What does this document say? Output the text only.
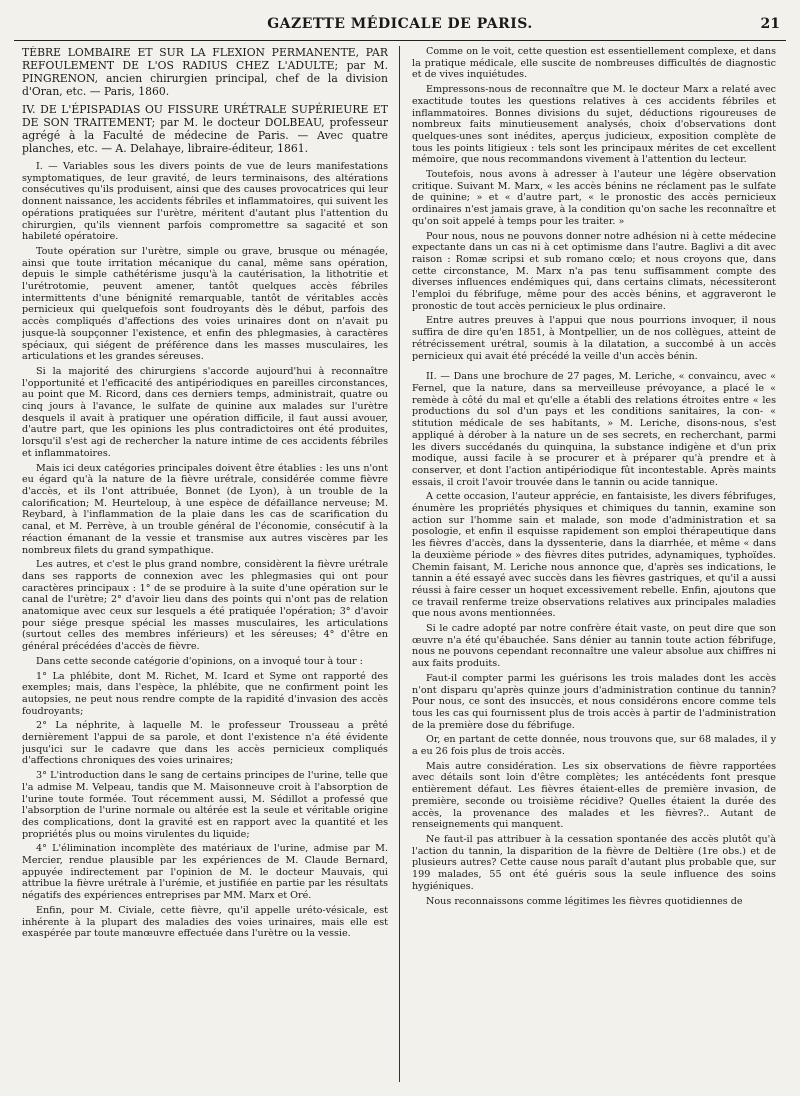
GAZETTE MÉDICALE DE PARIS.	21

TÈBRE LOMBAIRE ET SUR LA FLEXION PERMANENTE, PAR REFOULEMENT DE L'OS RADIUS CHEZ L'ADULTE; par M. PINGRENON, ancien chirurgien principal, chef de la division d'Oran, etc. — Paris, 1860.

IV. DE L'ÉPISPADIAS OU FISSURE URÉTRALE SUPÉRIEURE ET DE SON TRAITEMENT; par M. le docteur DOLBEAU, professeur agrégé à la Faculté de médecine de Paris. — Avec quatre planches, etc. — A. Delahaye, libraire-éditeur, 1861.

I. — Variables sous les divers points de vue de leurs manifestations symptomatiques, de leur gravité, de leurs terminaisons, des altérations consécutives qu'ils produisent, ainsi que des causes provocatrices qui leur donnent naissance, les accidents fébriles et inflammatoires, qui suivent les opérations pratiquées sur l'urètre, méritent d'autant plus l'attention du chirurgien, qu'ils viennent parfois compromettre sa sagacité et son habileté opératoire.

Toute opération sur l'urètre, simple ou grave, brusque ou ménagée, ainsi que toute irritation mécanique du canal, même sans opération, depuis le simple cathétérisme jusqu'à la cautérisation, la lithotritie et l'urétrotomie, peuvent amener, tantôt quelques accès fébriles intermittents d'une bénignité remarquable, tantôt de véritables accès pernicieux qui quelquefois sont foudroyants dès le début, parfois des accès compliqués d'affections des voies urinaires dont on n'avait pu jusque-là soupçonner l'existence, et enfin des phlegmasies, à caractères spéciaux, qui siégent de préférence dans les masses musculaires, les articulations et les grandes séreuses.

Si la majorité des chirurgiens s'accorde aujourd'hui à reconnaître l'opportunité et l'efficacité des antipériodiques en pareilles circonstances, au point que M. Ricord, dans ces derniers temps, administrait, quatre ou cinq jours à l'avance, le sulfate de quinine aux malades sur l'urètre desquels il avait à pratiquer une opération difficile, il faut aussi avouer, d'autre part, que les opinions les plus contradictoires ont été produites, lorsqu'il s'est agi de rechercher la nature intime de ces accidents fébriles et inflammatoires.

Mais ici deux catégories principales doivent être établies : les uns n'ont eu égard qu'à la nature de la fièvre urétrale, considérée comme fièvre d'accès, et ils l'ont attribuée, Bonnet (de Lyon), à un trouble de la calorification; M. Heurteloup, à une espèce de défaillance nerveuse; M. Reybard, à l'inflammation de la plaie dans les cas de scarification du canal, et M. Perrève, à un trouble général de l'économie, consécutif à la réaction émanant de la vessie et transmise aux autres viscères par les nombreux filets du grand sympathique.

Les autres, et c'est le plus grand nombre, considèrent la fièvre urétrale dans ses rapports de connexion avec les phlegmasies qui ont pour caractères principaux : 1° de se produire à la suite d'une opération sur le canal de l'urètre; 2° d'avoir lieu dans des points qui n'ont pas de relation anatomique avec ceux sur lesquels a été pratiquée l'opération; 3° d'avoir pour siége presque spécial les masses musculaires, les articulations (surtout celles des membres inférieurs) et les séreuses; 4° d'être en général précédées d'accès de fièvre.

Dans cette seconde catégorie d'opinions, on a invoqué tour à tour :

1° La phlébite, dont M. Richet, M. Icard et Syme ont rapporté des exemples; mais, dans l'espèce, la phlébite, que ne confirment point les autopsies, ne peut nous rendre compte de la rapidité d'invasion des accès foudroyants;

2° La néphrite, à laquelle M. le professeur Trousseau a prêté dernièrement l'appui de sa parole, et dont l'existence n'a été évidente jusqu'ici sur le cadavre que dans les accès pernicieux compliqués d'affections chroniques des voies urinaires;

3° L'introduction dans le sang de certains principes de l'urine, telle que l'a admise M. Velpeau, tandis que M. Maisonneuve croit à l'absorption de l'urine toute formée. Tout récemment aussi, M. Sédillot a professé que l'absorption de l'urine normale ou altérée est la seule et véritable origine des complications, dont la gravité est en rapport avec la quantité et les propriétés plus ou moins virulentes du liquide;

4° L'élimination incomplète des matériaux de l'urine, admise par M. Mercier, rendue plausible par les expériences de M. Claude Bernard, appuyée indirectement par l'opinion de M. le docteur Mauvais, qui attribue la fièvre urétrale à l'urémie, et justifiée en partie par les résultats négatifs des expériences entreprises par MM. Marx et Oré.

Enfin, pour M. Civiale, cette fièvre, qu'il appelle uréto-vésicale, est inhérente à la plupart des maladies des voies urinaires, mais elle est exaspérée par toute manœuvre effectuée dans l'urètre ou la vessie.

Comme on le voit, cette question est essentiellement complexe, et dans la pratique médicale, elle suscite de nombreuses difficultés de diagnostic et de vives inquiétudes.

Empressons-nous de reconnaître que M. le docteur Marx a relaté avec exactitude toutes les questions relatives à ces accidents fébriles et inflammatoires. Bonnes divisions du sujet, déductions rigoureuses de nombreux faits minutieusement analysés, choix d'observations dont quelques-unes sont inédites, aperçus judicieux, exposition complète de tous les points litigieux : tels sont les principaux mérites de cet excellent mémoire, que nous recommandons vivement à l'attention du lecteur.

Toutefois, nous avons à adresser à l'auteur une légère observation critique. Suivant M. Marx, « les accès bénins ne réclament pas le sulfate de quinine; » et « d'autre part, « le pronostic des accès pernicieux ordinaires n'est jamais grave, à la condition qu'on sache les reconnaître et qu'on soit appelé à temps pour les traiter. »

Pour nous, nous ne pouvons donner notre adhésion ni à cette médecine expectante dans un cas ni à cet optimisme dans l'autre. Baglivi a dit avec raison : Romæ scripsi et sub romano cœlo; et nous croyons que, dans cette circonstance, M. Marx n'a pas tenu suffisamment compte des diverses influences endémiques qui, dans certains climats, nécessiteront l'emploi du fébrifuge, même pour des accès bénins, et aggraveront le pronostic de tout accès pernicieux le plus ordinaire.

Entre autres preuves à l'appui que nous pourrions invoquer, il nous suffira de dire qu'en 1851, à Montpellier, un de nos collègues, atteint de rétrécissement urétral, soumis à la dilatation, a succombé à un accès pernicieux qui avait été précédé la veille d'un accès bénin.

II. — Dans une brochure de 27 pages, M. Leriche, « convaincu, avec « Fernel, que la nature, dans sa merveilleuse prévoyance, a placé le « remède à côté du mal et qu'elle a établi des relations étroites entre « les productions du sol d'un pays et les conditions sanitaires, la con- « stitution médicale de ses habitants, » M. Leriche, disons-nous, s'est appliqué à dérober à la nature un de ses secrets, en recherchant, parmi les divers succédanés du quinquina, la substance indigène et d'un prix modique, aussi facile à se procurer et à préparer qu'à prendre et à conserver, et dont l'action antipériodique fût incontestable. Après maints essais, il croit l'avoir trouvée dans le tannin ou acide tannique.

A cette occasion, l'auteur apprécie, en fantaisiste, les divers fébrifuges, énumère les propriétés physiques et chimiques du tannin, examine son action sur l'homme sain et malade, son mode d'administration et sa posologie, et enfin il esquisse rapidement son emploi thérapeutique dans les fièvres d'accès, dans la dyssenterie, dans la diarrhée, et même « dans la deuxième période » des fièvres dites putrides, adynamiques, typhoïdes. Chemin faisant, M. Leriche nous annonce que, d'après ses indications, le tannin a été essayé avec succès dans les fièvres gastriques, et qu'il a aussi réussi à faire cesser un hoquet excessivement rebelle. Enfin, ajoutons que ce travail renferme treize observations relatives aux principales maladies que nous avons mentionnées.

Si le cadre adopté par notre confrère était vaste, on peut dire que son œuvre n'a été qu'ébauchée. Sans dénier au tannin toute action fébrifuge, nous ne pouvons cependant reconnaître une valeur absolue aux chiffres ni aux faits produits.

Faut-il compter parmi les guérisons les trois malades dont les accès n'ont disparu qu'après quinze jours d'administration continue du tannin? Pour nous, ce sont des insuccès, et nous considérons encore comme tels tous les cas qui fournissent plus de trois accès à partir de l'administration de la première dose du fébrifuge.

Or, en partant de cette donnée, nous trouvons que, sur 68 malades, il y a eu 26 fois plus de trois accès.

Mais autre considération. Les six observations de fièvre rapportées avec détails sont loin d'être complètes; les antécédents font presque entièrement défaut. Les fièvres étaient-elles de première invasion, de première, seconde ou troisième récidive? Quelles étaient la durée des accès, la provenance des malades et les fièvres?.. Autant de renseignements qui manquent.

Ne faut-il pas attribuer à la cessation spontanée des accès plutôt qu'à l'action du tannin, la disparition de la fièvre de Deltière (1re obs.) et de plusieurs autres? Cette cause nous paraît d'autant plus probable que, sur 199 malades, 55 ont été guéris sous la seule influence des soins hygiéniques.

Nous reconnaissons comme légitimes les fièvres quotidiennes de
